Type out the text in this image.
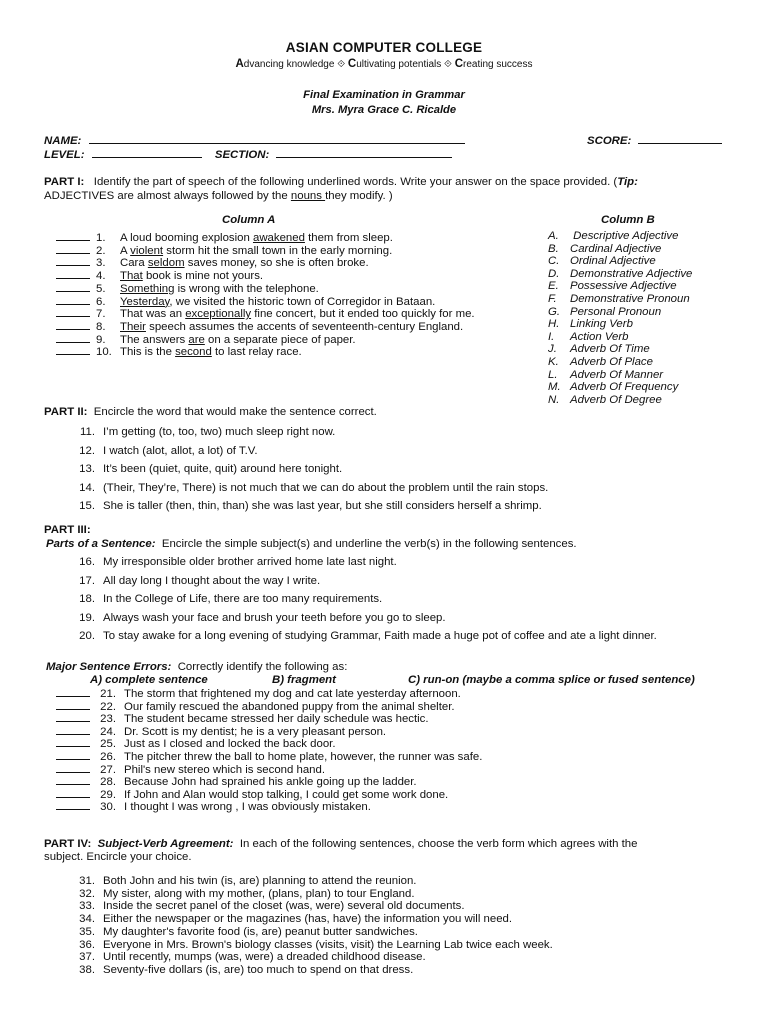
ASIAN COMPUTER COLLEGE
Advancing knowledge ⟐ Cultivating potentials ⟐ Creating success
Final Examination in Grammar
Mrs. Myra Grace C. Ricalde
NAME:	SCORE:
LEVEL:	SECTION:
PART I: Identify the part of speech of the following underlined words. Write your answer on the space provided. (Tip:
ADJECTIVES are almost always followed by the nouns they modify. )
Column A	Column B
1. A loud booming explosion awakened them from sleep.
2. A violent storm hit the small town in the early morning.
3. Cara seldom saves money, so she is often broke.
4. That book is mine not yours.
5. Something is wrong with the telephone.
6. Yesterday, we visited the historic town of Corregidor in Bataan.
7. That was an exceptionally fine concert, but it ended too quickly for me.
8. Their speech assumes the accents of seventeenth-century England.
9. The answers are on a separate piece of paper.
10. This is the second to last relay race.
A. Descriptive Adjective
B. Cardinal Adjective
C. Ordinal Adjective
D. Demonstrative Adjective
E. Possessive Adjective
F. Demonstrative Pronoun
G. Personal Pronoun
H. Linking Verb
I. Action Verb
J. Adverb Of Time
K. Adverb Of Place
L. Adverb Of Manner
M. Adverb Of Frequency
N. Adverb Of Degree
PART II: Encircle the word that would make the sentence correct.
11. I’m getting (to, too, two) much sleep right now.
12. I watch (alot, allot, a lot) of T.V.
13. It’s been (quiet, quite, quit) around here tonight.
14. (Their, They’re, There) is not much that we can do about the problem until the rain stops.
15. She is taller (then, thin, than) she was last year, but she still considers herself a shrimp.
PART III:
Parts of a Sentence: Encircle the simple subject(s) and underline the verb(s) in the following sentences.
16. My irresponsible older brother arrived home late last night.
17. All day long I thought about the way I write.
18. In the College of Life, there are too many requirements.
19. Always wash your face and brush your teeth before you go to sleep.
20. To stay awake for a long evening of studying Grammar, Faith made a huge pot of coffee and ate a light dinner.
Major Sentence Errors: Correctly identify the following as:
A) complete sentence	B) fragment	C) run-on (maybe a comma splice or fused sentence)
21. The storm that frightened my dog and cat late yesterday afternoon.
22. Our family rescued the abandoned puppy from the animal shelter.
23. The student became stressed her daily schedule was hectic.
24. Dr. Scott is my dentist; he is a very pleasant person.
25. Just as I closed and locked the back door.
26. The pitcher threw the ball to home plate, however, the runner was safe.
27. Phil's new stereo which is second hand.
28. Because John had sprained his ankle going up the ladder.
29. If John and Alan would stop talking, I could get some work done.
30. I thought I was wrong , I was obviously mistaken.
PART IV: Subject-Verb Agreement: In each of the following sentences, choose the verb form which agrees with the
subject. Encircle your choice.
31. Both John and his twin (is, are) planning to attend the reunion.
32. My sister, along with my mother, (plans, plan) to tour England.
33. Inside the secret panel of the closet (was, were) several old documents.
34. Either the newspaper or the magazines (has, have) the information you will need.
35. My daughter's favorite food (is, are) peanut butter sandwiches.
36. Everyone in Mrs. Brown's biology classes (visits, visit) the Learning Lab twice each week.
37. Until recently, mumps (was, were) a dreaded childhood disease.
38. Seventy-five dollars (is, are) too much to spend on that dress.
